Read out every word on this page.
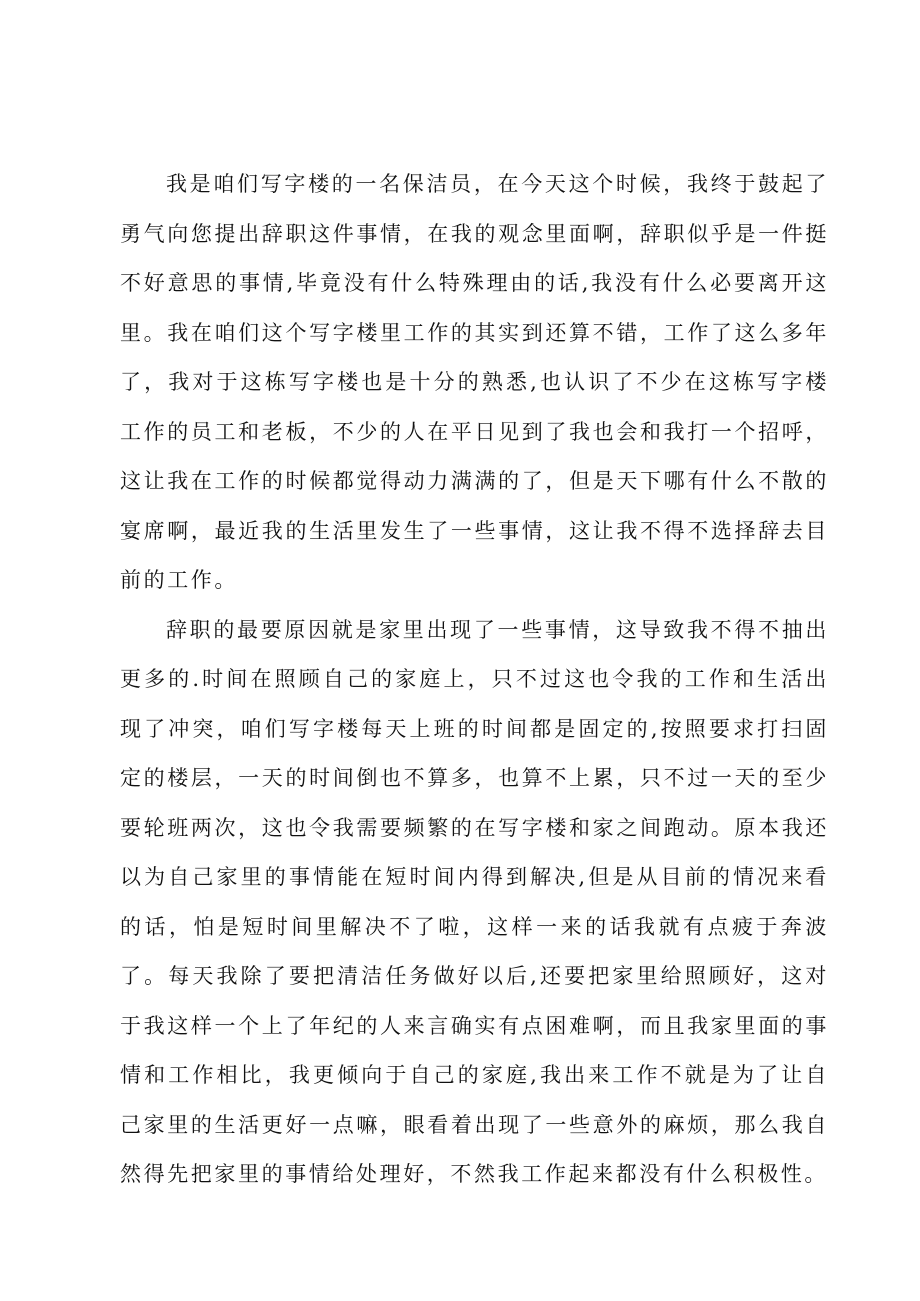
我是咱们写字楼的一名保洁员，在今天这个时候，我终于鼓起了勇气向您提出辞职这件事情，在我的观念里面啊，辞职似乎是一件挺不好意思的事情,毕竟没有什么特殊理由的话,我没有什么必要离开这里。我在咱们这个写字楼里工作的其实到还算不错，工作了这么多年了，我对于这栋写字楼也是十分的熟悉,也认识了不少在这栋写字楼工作的员工和老板，不少的人在平日见到了我也会和我打一个招呼，这让我在工作的时候都觉得动力满满的了，但是天下哪有什么不散的宴席啊，最近我的生活里发生了一些事情，这让我不得不选择辞去目前的工作。

辞职的最要原因就是家里出现了一些事情，这导致我不得不抽出更多的.时间在照顾自己的家庭上，只不过这也令我的工作和生活出现了冲突，咱们写字楼每天上班的时间都是固定的,按照要求打扫固定的楼层，一天的时间倒也不算多，也算不上累，只不过一天的至少要轮班两次，这也令我需要频繁的在写字楼和家之间跑动。原本我还以为自己家里的事情能在短时间内得到解决,但是从目前的情况来看的话，怕是短时间里解决不了啦，这样一来的话我就有点疲于奔波了。每天我除了要把清洁任务做好以后,还要把家里给照顾好，这对于我这样一个上了年纪的人来言确实有点困难啊，而且我家里面的事情和工作相比，我更倾向于自己的家庭,我出来工作不就是为了让自己家里的生活更好一点嘛，眼看着出现了一些意外的麻烦，那么我自然得先把家里的事情给处理好，不然我工作起来都没有什么积极性。
